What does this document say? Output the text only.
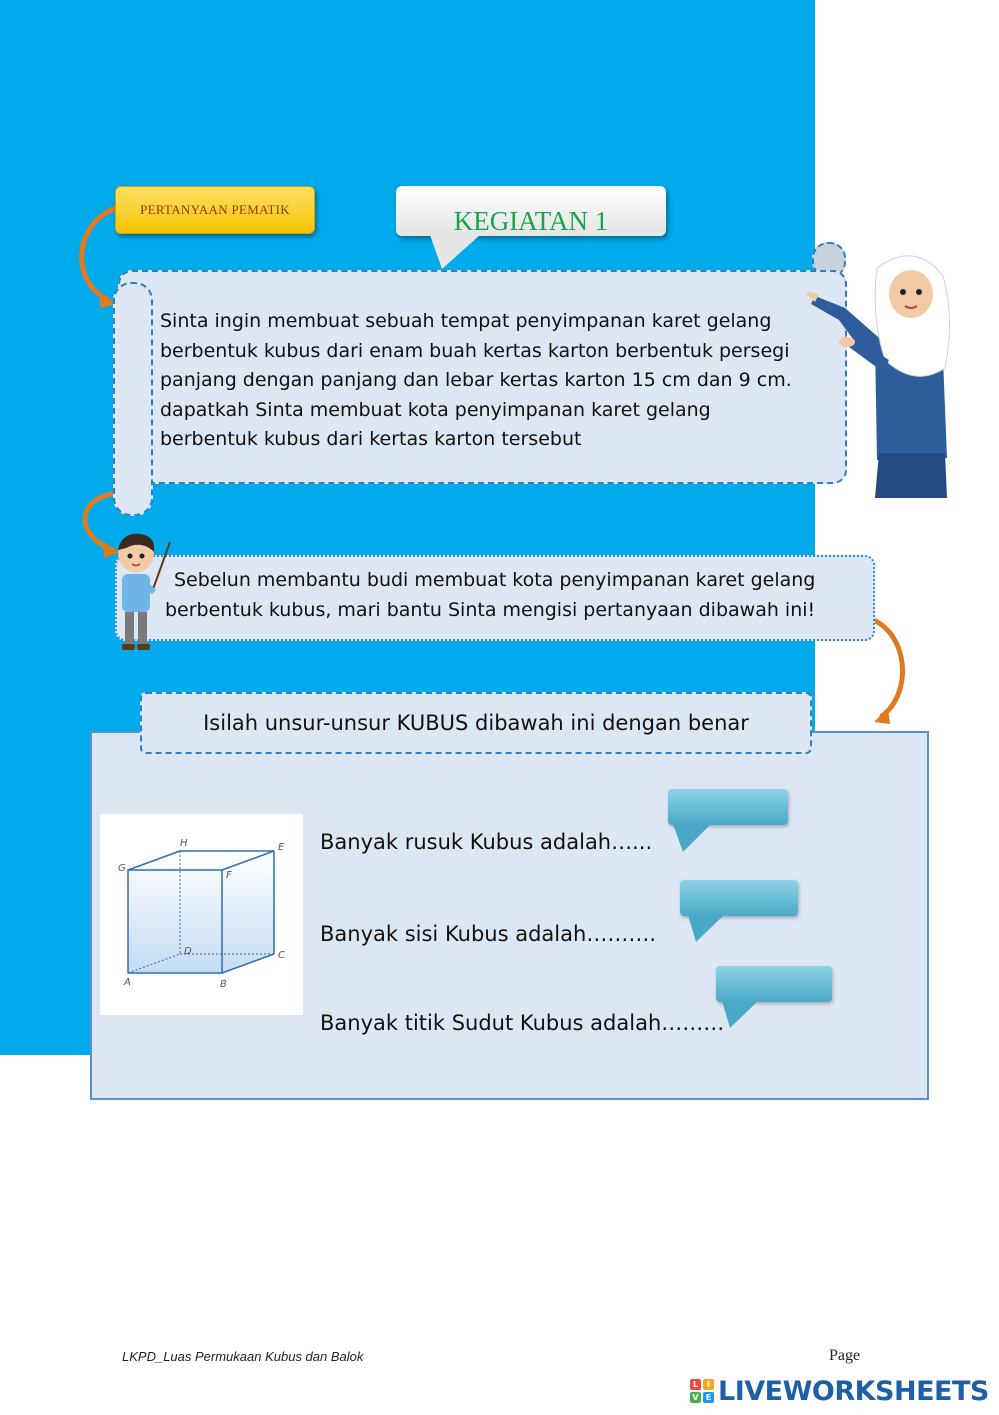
PERTANYAAN PEMATIK	KEGIATAN 1
Sinta ingin membuat sebuah tempat penyimpanan karet gelang
berbentuk kubus dari enam buah kertas karton berbentuk persegi
panjang dengan panjang dan lebar kertas karton 15 cm dan 9 cm.
dapatkah Sinta membuat kota penyimpanan karet gelang
berbentuk kubus dari kertas karton tersebut
Sebelun membantu budi membuat kota penyimpanan karet gelang
berbentuk kubus, mari bantu Sinta mengisi pertanyaan dibawah ini!
Isilah unsur-unsur KUBUS dibawah ini dengan benar
G
H	E
F
D	C
A	B
Banyak rusuk Kubus adalah…...
Banyak sisi Kubus adalah……….
Banyak titik Sudut Kubus adalah………
LKPD_Luas Permukaan Kubus dan Balok	Page
L	I
V E LIVEWORKSHEETS
